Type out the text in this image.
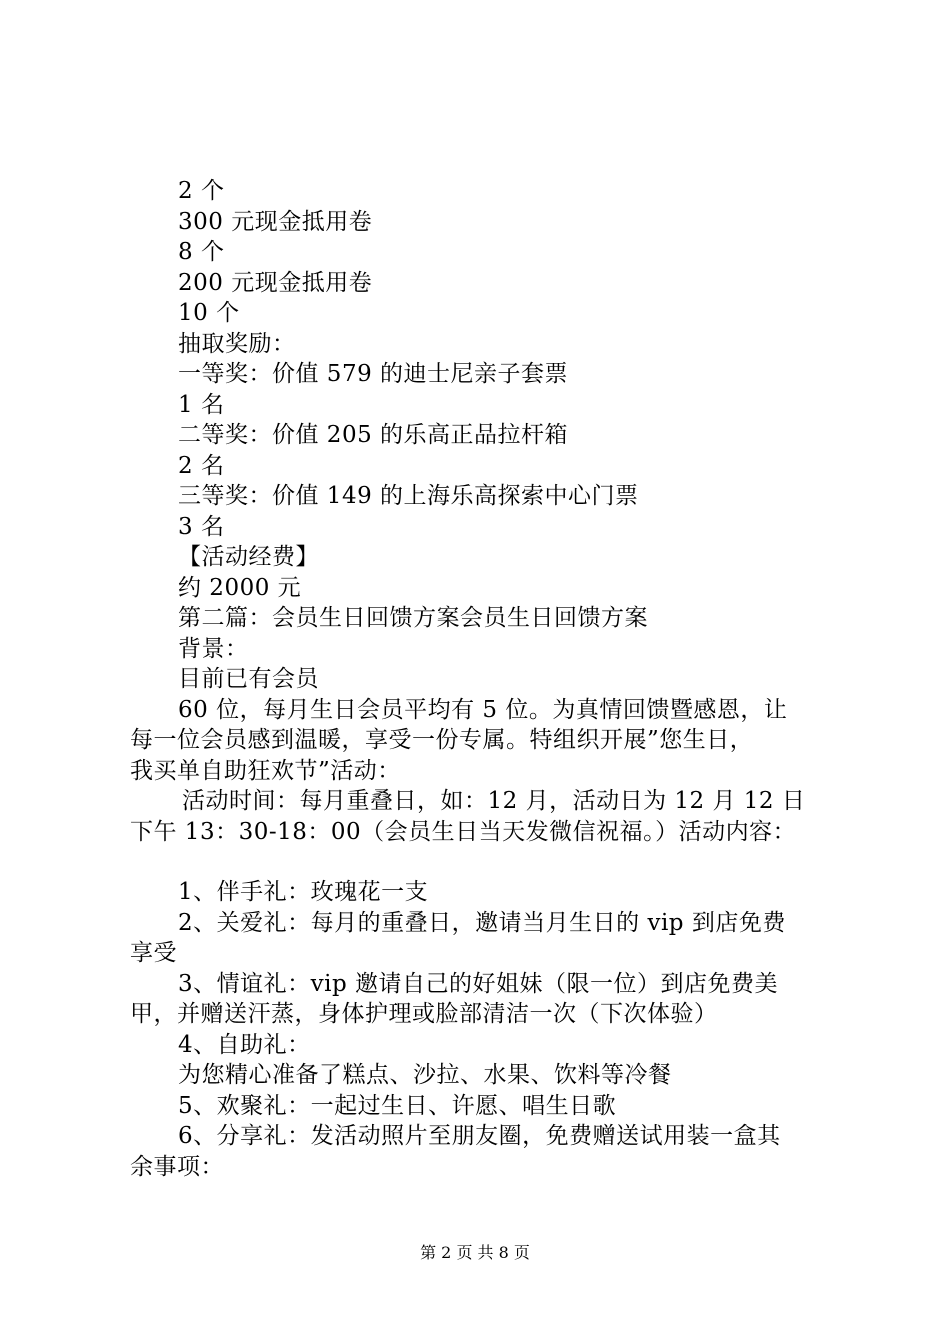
2 个
300 元现金抵用卷
8 个
200 元现金抵用卷
10 个
抽取奖励：
一等奖：价值 579 的迪士尼亲子套票
1 名
二等奖：价值 205 的乐高正品拉杆箱
2 名
三等奖：价值 149 的上海乐高探索中心门票
3 名
【活动经费】
约 2000 元
第二篇：会员生日回馈方案会员生日回馈方案
背景：
目前已有会员
60 位，每月生日会员平均有 5 位。为真情回馈暨感恩，让
每一位会员感到温暖，享受一份专属。特组织开展”您生日，
我买单自助狂欢节”活动：
活动时间：每月重叠日，如：12 月，活动日为 12 月 12 日
下午 13：30-18：00（会员生日当天发微信祝福。）活动内容：
1、伴手礼：玫瑰花一支
2、关爱礼：每月的重叠日，邀请当月生日的 vip 到店免费
享受
3、情谊礼：vip 邀请自己的好姐妹（限一位）到店免费美
甲，并赠送汗蒸，身体护理或脸部清洁一次（下次体验）
4、自助礼：
为您精心准备了糕点、沙拉、水果、饮料等冷餐
5、欢聚礼：一起过生日、许愿、唱生日歌
6、分享礼：发活动照片至朋友圈，免费赠送试用装一盒其
余事项：
第 2 页 共 8 页
